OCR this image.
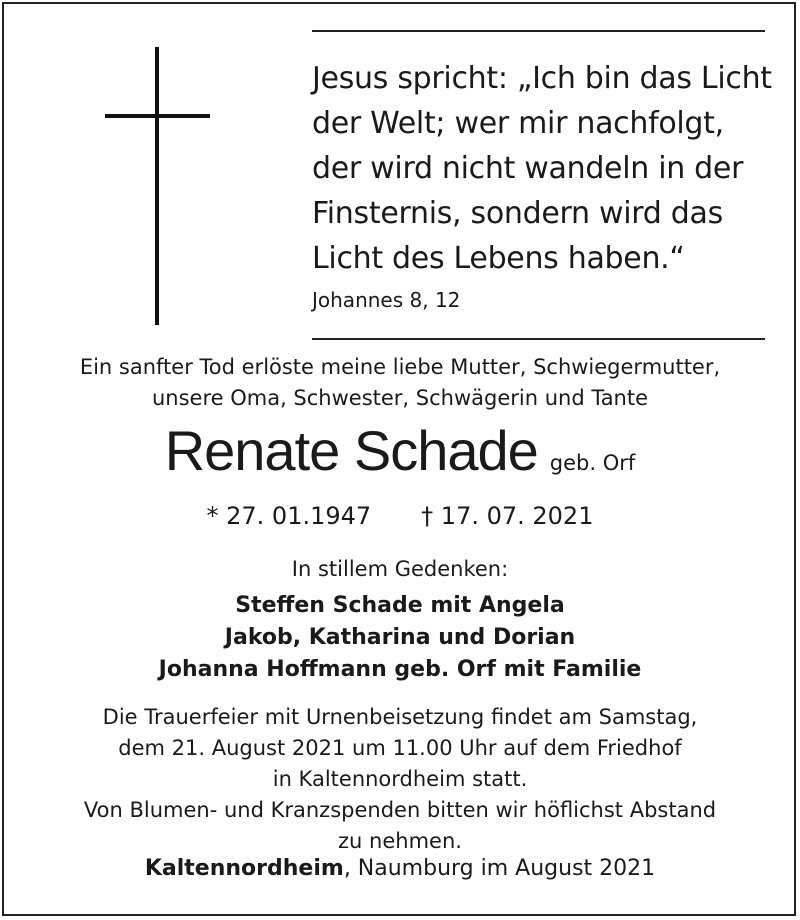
Jesus spricht: „Ich bin das Licht
der Welt; wer mir nachfolgt,
der wird nicht wandeln in der
Finsternis, sondern wird das
Licht des Lebens haben.“
Johannes 8, 12
Ein sanfter Tod erlöste meine liebe Mutter, Schwiegermutter,
unsere Oma, Schwester, Schwägerin und Tante
Renate Schade geb. Orf
* 27. 01.1947 † 17. 07. 2021
In stillem Gedenken:
Steffen Schade mit Angela
Jakob, Katharina und Dorian
Johanna Hoffmann geb. Orf mit Familie
Die Trauerfeier mit Urnenbeisetzung findet am Samstag,
dem 21. August 2021 um 11.00 Uhr auf dem Friedhof
in Kaltennordheim statt.
Von Blumen- und Kranzspenden bitten wir höflichst Abstand
zu nehmen.
Kaltennordheim, Naumburg im August 2021
